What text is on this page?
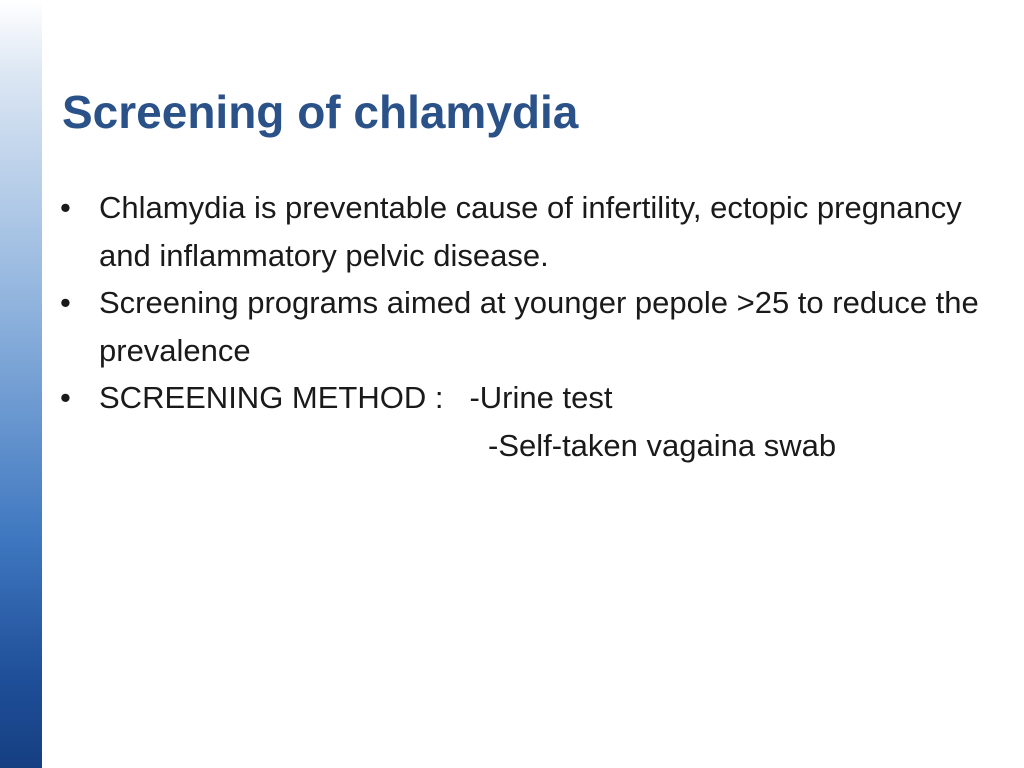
Screening of chlamydia
• Chlamydia is preventable cause of infertility, ectopic pregnancy and inflammatory pelvic disease.
• Screening programs aimed at younger pepole >25 to reduce the prevalence
• SCREENING METHOD : -Urine test
-Self-taken vagaina swab
